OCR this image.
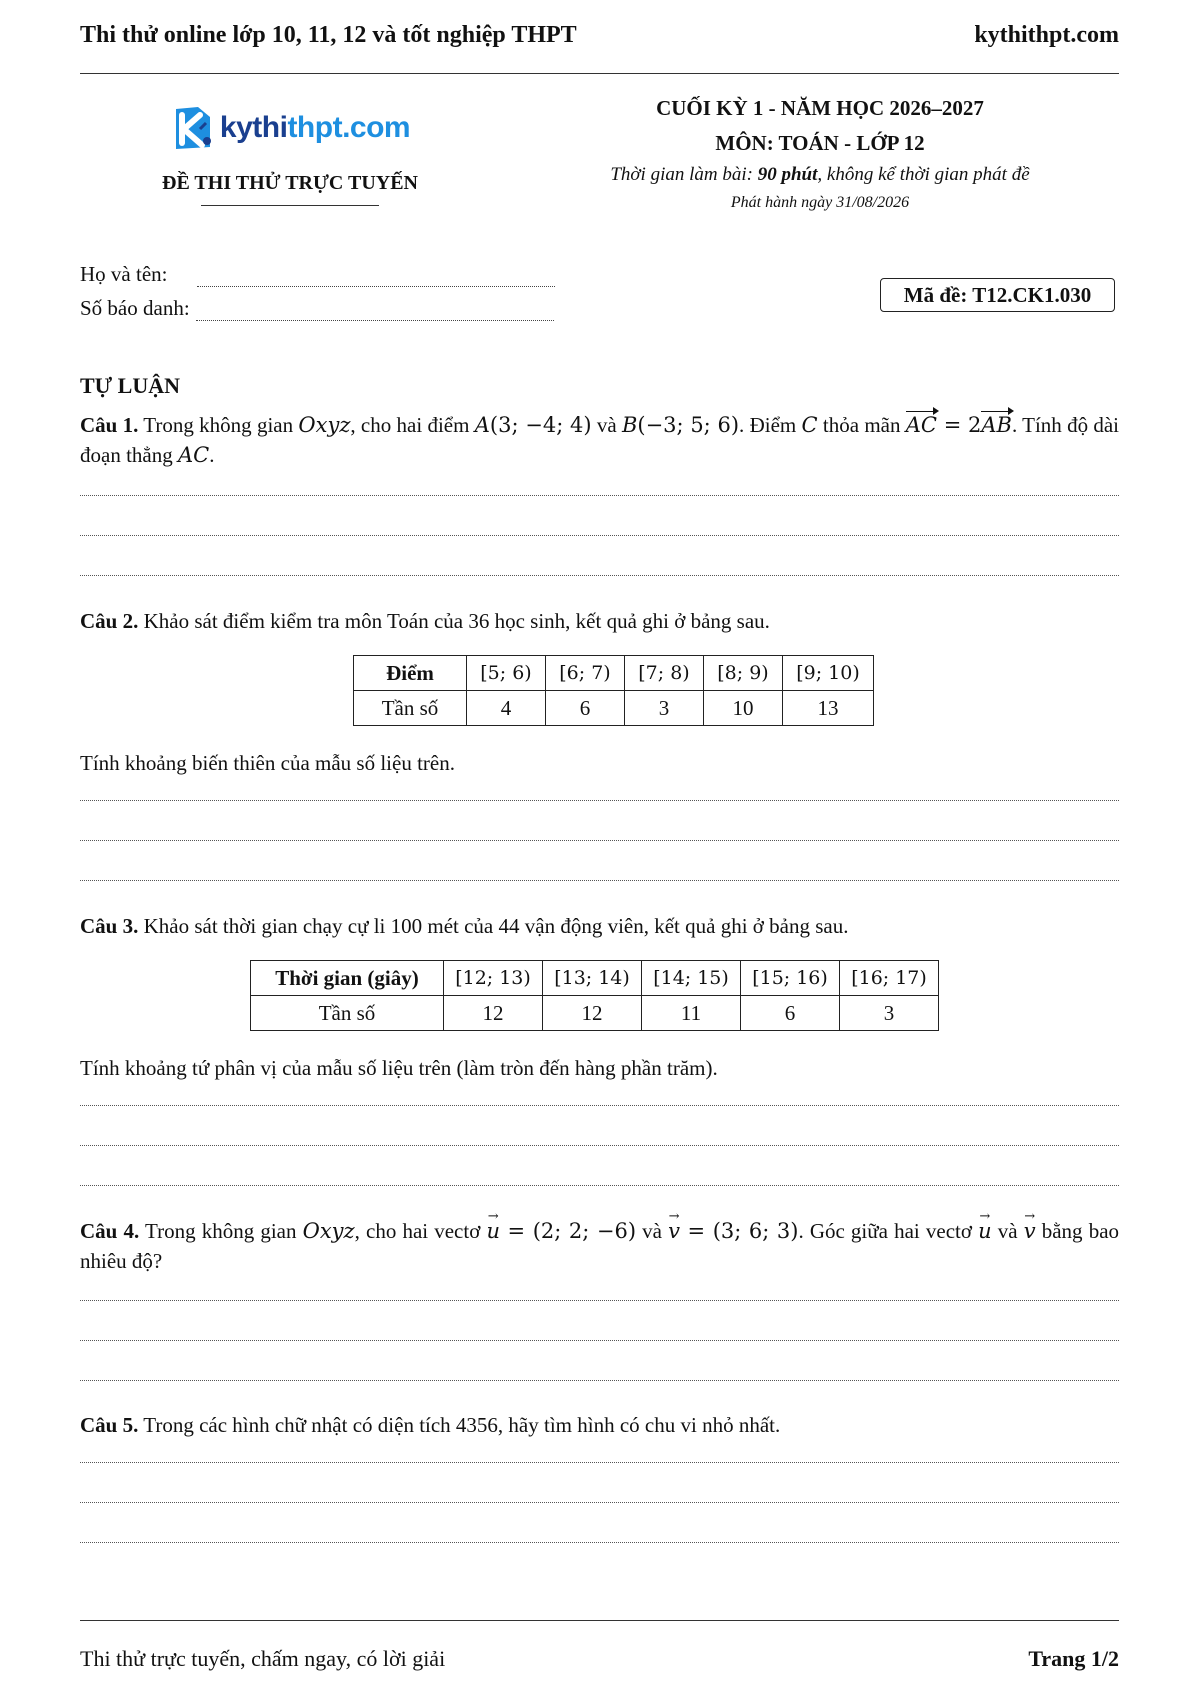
Thi thử online lớp 10, 11, 12 và tốt nghiệp THPT	kythithpt.com
kythithpt.com
ĐỀ THI THỬ TRỰC TUYẾN
CUỐI KỲ 1 - NĂM HỌC 2026–2027
MÔN: TOÁN - LỚP 12
Thời gian làm bài: 90 phút, không kể thời gian phát đề
Phát hành ngày 31/08/2026
Họ và tên:
Số báo danh:
Mã đề: T12.CK1.030
TỰ LUẬN
Câu 1. Trong không gian Oxyz, cho hai điểm A(3; −4; 4) và B(−3; 5; 6). Điểm C thỏa mãn AC = 2AB. Tính độ dài đoạn thẳng AC.
Câu 2. Khảo sát điểm kiểm tra môn Toán của 36 học sinh, kết quả ghi ở bảng sau.
Điểm	[5; 6)	[6; 7)	[7; 8)	[8; 9)	[9; 10)
Tần số	4	6	3	10	13
Tính khoảng biến thiên của mẫu số liệu trên.
Câu 3. Khảo sát thời gian chạy cự li 100 mét của 44 vận động viên, kết quả ghi ở bảng sau.
Thời gian (giây)	[12; 13)	[13; 14)	[14; 15)	[15; 16)	[16; 17)
Tần số	12	12	11	6	3
Tính khoảng tứ phân vị của mẫu số liệu trên (làm tròn đến hàng phần trăm).
Câu 4. Trong không gian Oxyz, cho hai vectơ → u = (2; 2; −6) và → v = (3; 6; 3). Góc giữa hai vectơ → u và → v bằng bao nhiêu độ?
Câu 5. Trong các hình chữ nhật có diện tích 4356, hãy tìm hình có chu vi nhỏ nhất.
Thi thử trực tuyến, chấm ngay, có lời giải	Trang 1/2
